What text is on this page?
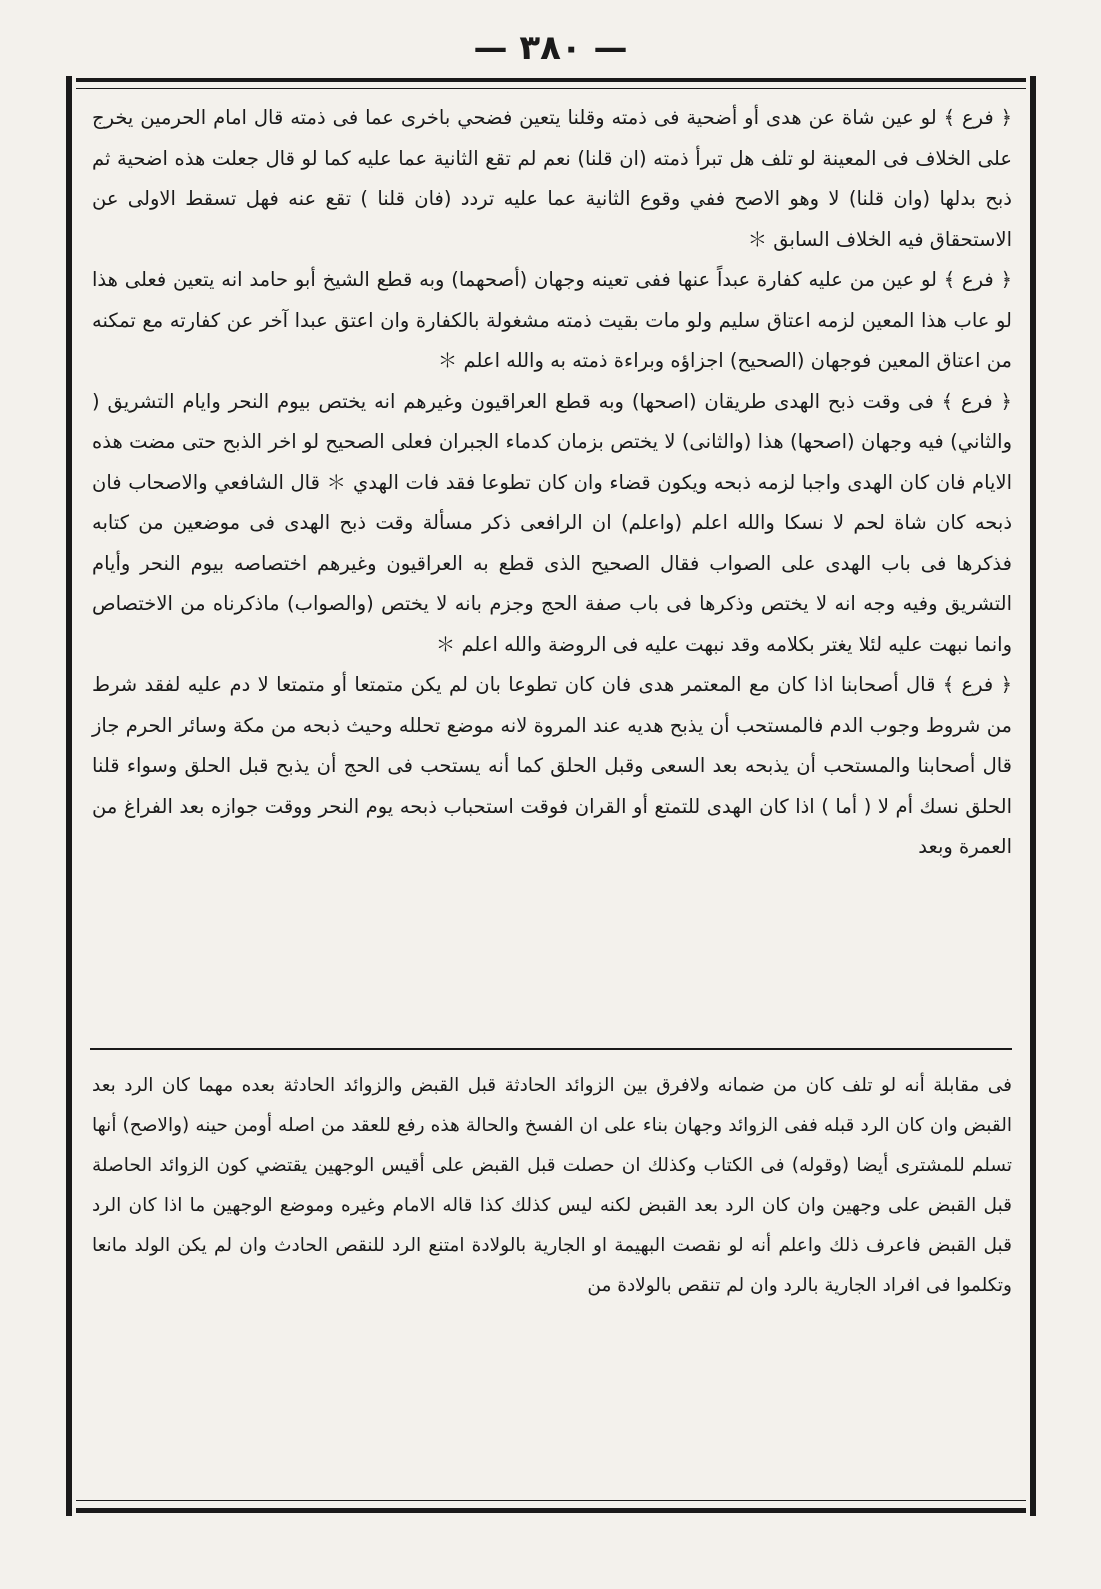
— ٣٨٠ —

﴿ فرع ﴾ لو عين شاة عن هدى أو أضحية فى ذمته وقلنا يتعين فضحي باخرى عما فى ذمته قال امام الحرمين يخرج على الخلاف فى المعينة لو تلف هل تبرأ ذمته (ان قلنا) نعم لم تقع الثانية عما عليه كما لو قال جعلت هذه اضحية ثم ذبح بدلها (وان قلنا) لا وهو الاصح ففي وقوع الثانية عما عليه تردد (فان قلنا ) تقع عنه فهل تسقط الاولى عن الاستحقاق فيه الخلاف السابق ＊

﴿ فرع ﴾ لو عين من عليه كفارة عبداً عنها ففى تعينه وجهان (أصحهما) وبه قطع الشيخ أبو حامد انه يتعين فعلى هذا لو عاب هذا المعين لزمه اعتاق سليم ولو مات بقيت ذمته مشغولة بالكفارة وان اعتق عبدا آخر عن كفارته مع تمكنه من اعتاق المعين فوجهان (الصحيح) اجزاؤه وبراءة ذمته به والله اعلم ＊

﴿ فرع ﴾ فى وقت ذبح الهدى طريقان (اصحها) وبه قطع العراقيون وغيرهم انه يختص بيوم النحر وايام التشريق ( والثاني) فيه وجهان (اصحها) هذا (والثانى) لا يختص بزمان كدماء الجبران فعلى الصحيح لو اخر الذبح حتى مضت هذه الايام فان كان الهدى واجبا لزمه ذبحه ويكون قضاء وان كان تطوعا فقد فات الهدي ＊ قال الشافعي والاصحاب فان ذبحه كان شاة لحم لا نسكا والله اعلم (واعلم) ان الرافعى ذكر مسألة وقت ذبح الهدى فى موضعين من كتابه فذكرها فى باب الهدى على الصواب فقال الصحيح الذى قطع به العراقيون وغيرهم اختصاصه بيوم النحر وأيام التشريق وفيه وجه انه لا يختص وذكرها فى باب صفة الحج وجزم بانه لا يختص (والصواب) ماذكرناه من الاختصاص وانما نبهت عليه لئلا يغتر بكلامه وقد نبهت عليه فى الروضة والله اعلم ＊

﴿ فرع ﴾ قال أصحابنا اذا كان مع المعتمر هدى فان كان تطوعا بان لم يكن متمتعا أو متمتعا لا دم عليه لفقد شرط من شروط وجوب الدم فالمستحب أن يذبح هديه عند المروة لانه موضع تحلله وحيث ذبحه من مكة وسائر الحرم جاز قال أصحابنا والمستحب أن يذبحه بعد السعى وقبل الحلق كما أنه يستحب فى الحج أن يذبح قبل الحلق وسواء قلنا الحلق نسك أم لا ( أما ) اذا كان الهدى للتمتع أو القران فوقت استحباب ذبحه يوم النحر ووقت جوازه بعد الفراغ من العمرة وبعد

فى مقابلة أنه لو تلف كان من ضمانه ولافرق بين الزوائد الحادثة قبل القبض والزوائد الحادثة بعده مهما كان الرد بعد القبض وان كان الرد قبله ففى الزوائد وجهان بناء على ان الفسخ والحالة هذه رفع للعقد من اصله أومن حينه (والاصح) أنها تسلم للمشترى أيضا (وقوله) فى الكتاب وكذلك ان حصلت قبل القبض على أقيس الوجهين يقتضي كون الزوائد الحاصلة قبل القبض على وجهين وان كان الرد بعد القبض لكنه ليس كذلك كذا قاله الامام وغيره وموضع الوجهين ما اذا كان الرد قبل القبض فاعرف ذلك واعلم أنه لو نقصت البهيمة او الجارية بالولادة امتنع الرد للنقص الحادث وان لم يكن الولد مانعا وتكلموا فى افراد الجارية بالرد وان لم تنقص بالولادة من
